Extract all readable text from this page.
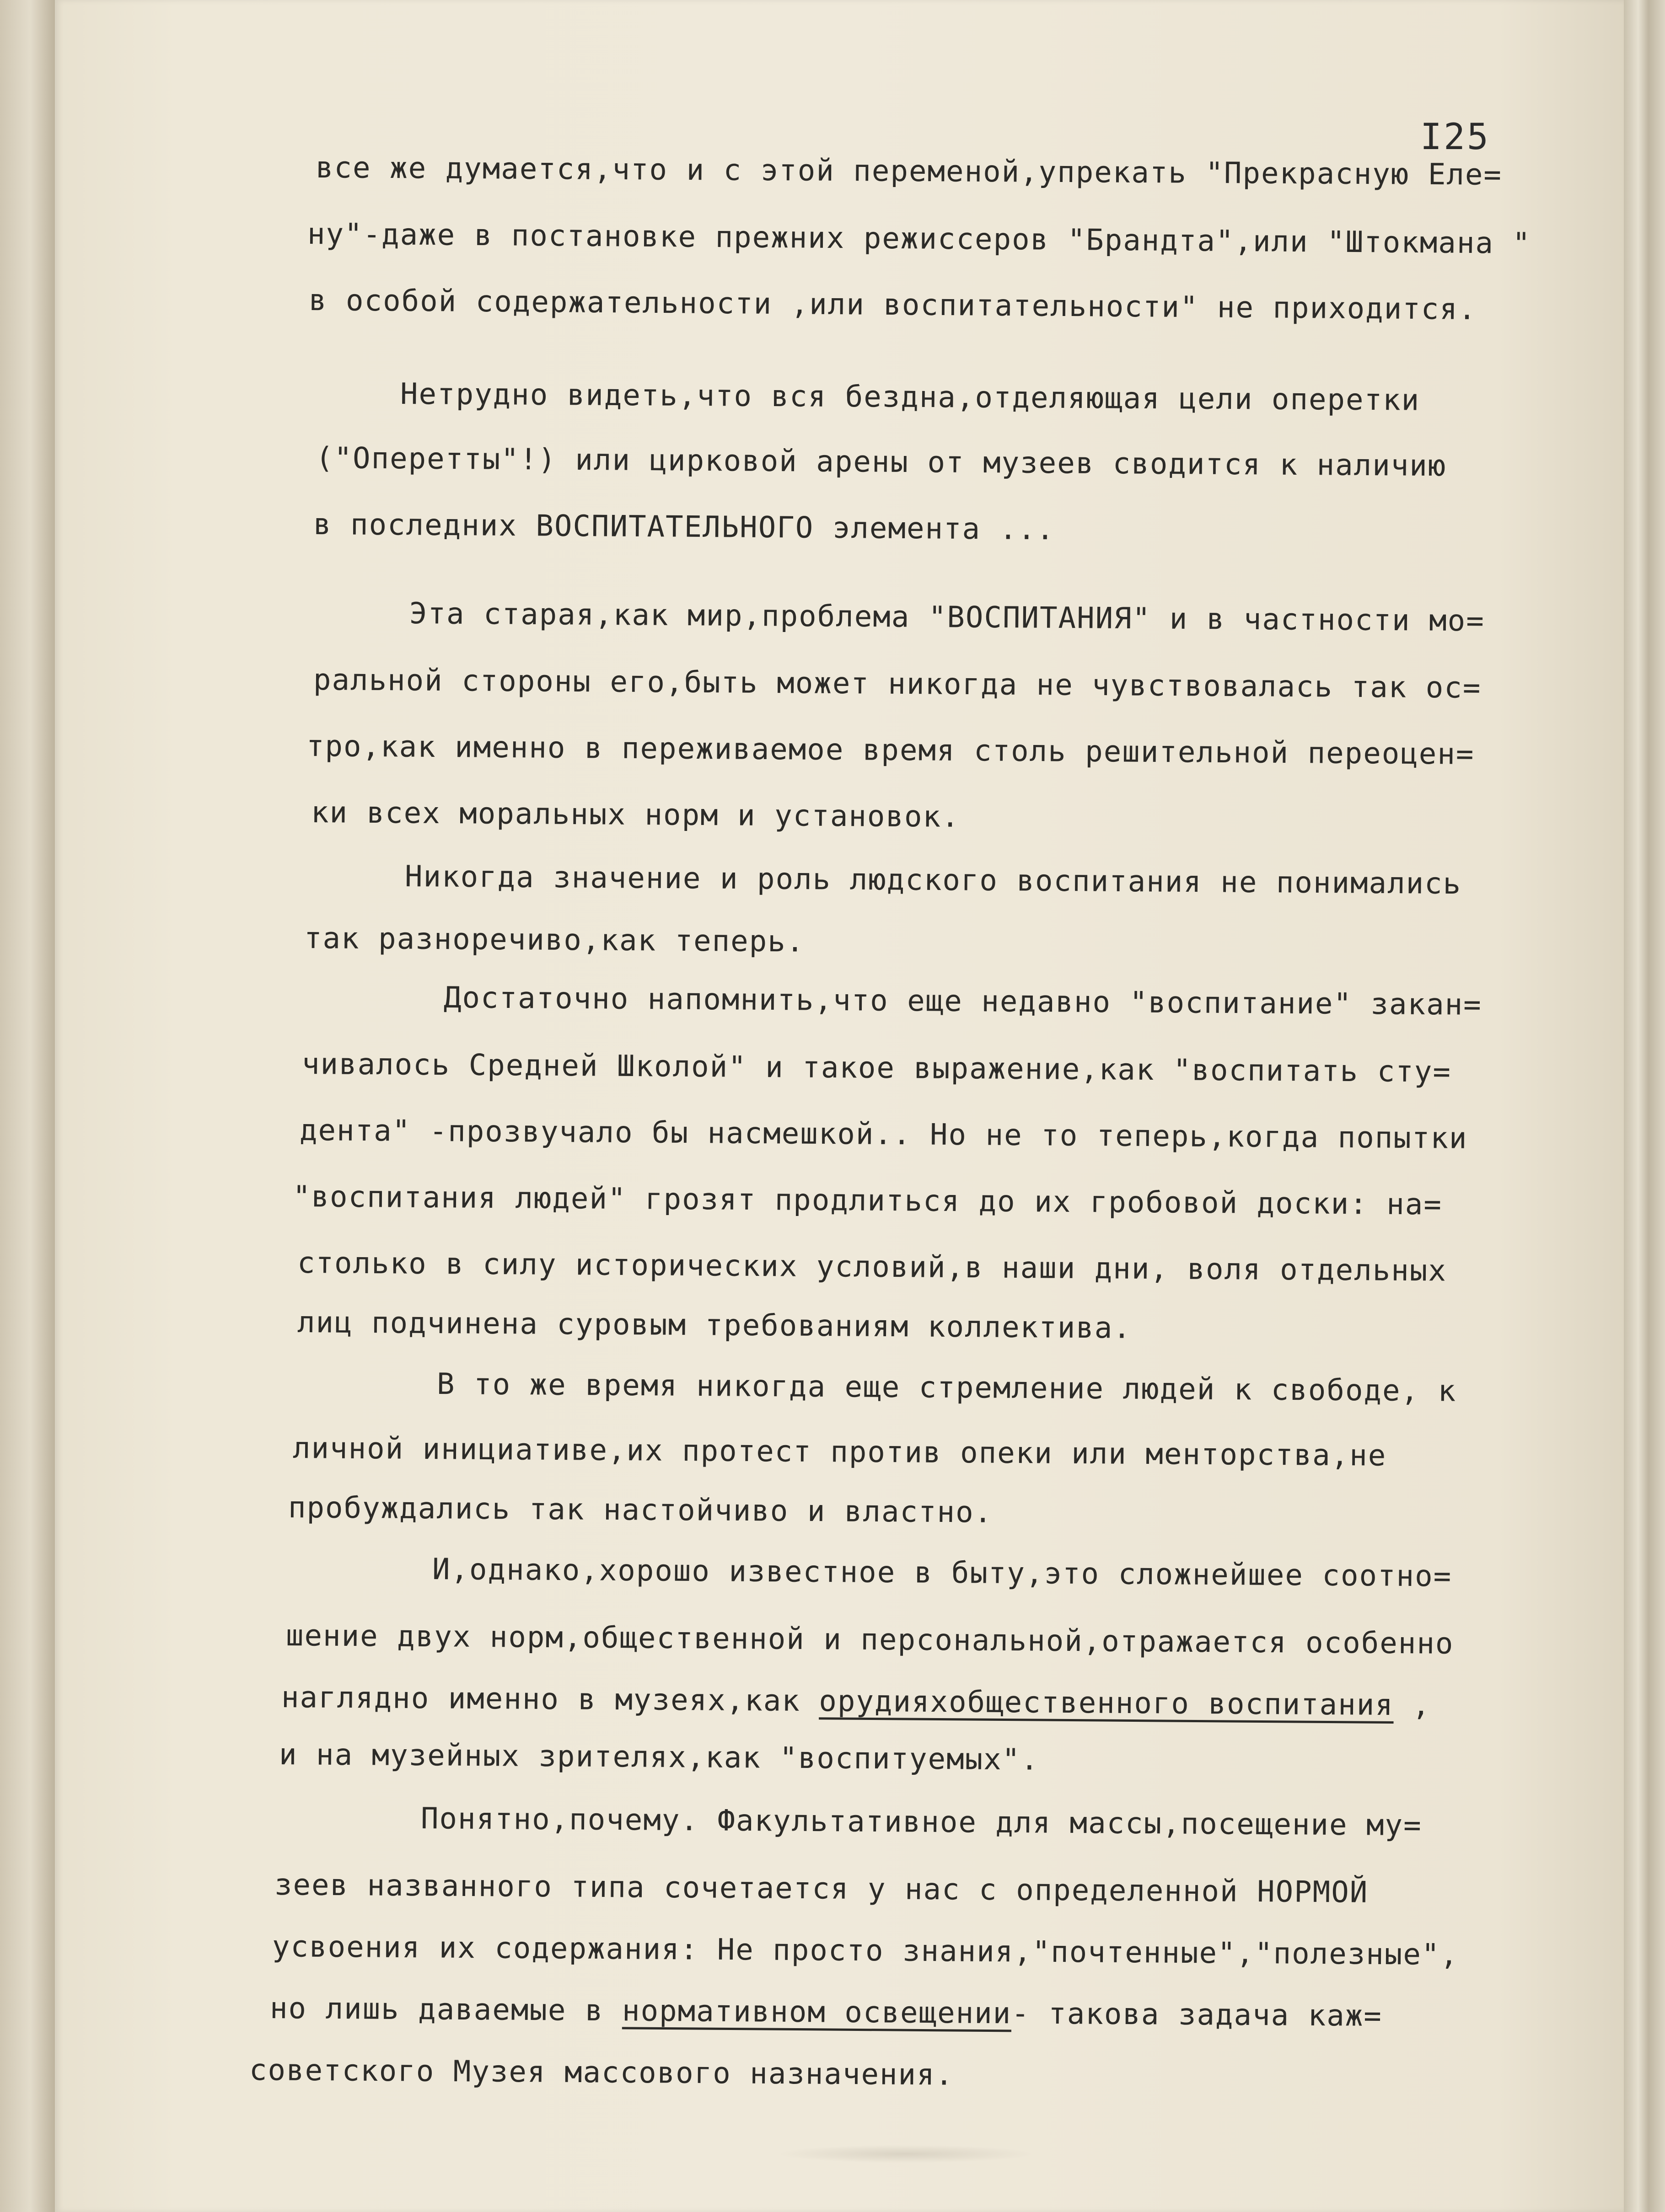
I25
все же думается,что и с этой переменой,упрекать "Прекрасную Еле=
ну"-даже в постановке прежних режиссеров "Брандта",или "Штокмана "
в особой содержательности ,или воспитательности" не приходится.
Нетрудно видеть,что вся бездна,отделяющая цели оперетки
("Оперетты"!) или цирковой арены от музеев сводится к наличию
в последних ВОСПИТАТЕЛЬНОГО элемента ...
Эта старая,как мир,проблема "ВОСПИТАНИЯ" и в частности мо=
ральной стороны его,быть может никогда не чувствовалась так ос=
тро,как именно в переживаемое время столь решительной переоцен=
ки всех моральных норм и установок.
Никогда значение и роль людского воспитания не понимались
так разноречиво,как теперь.
Достаточно напомнить,что еще недавно "воспитание" закан=
чивалось Средней Школой" и такое выражение,как "воспитать сту=
дента" -прозвучало бы насмешкой.. Но не то теперь,когда попытки
"воспитания людей" грозят продлиться до их гробовой доски: на=
столько в силу исторических условий,в наши дни, воля отдельных
лиц подчинена суровым требованиям коллектива.
В то же время никогда еще стремление людей к свободе, к
личной инициативе,их протест против опеки или менторства,не
пробуждались так настойчиво и властно.
И,однако,хорошо известное в быту,это сложнейшее соотно=
шение двух норм,общественной и персональной,отражается особенно
наглядно именно в музеях,как орудияхобщественного воспитания ,
и на музейных зрителях,как "воспитуемых".
Понятно,почему. Факультативное для массы,посещение му=
зеев названного типа сочетается у нас с определенной НОРМОЙ
усвоения их содержания: Не просто знания,"почтенные","полезные",
но лишь даваемые в нормативном освещении- такова задача каж=
советского Музея массового назначения.
